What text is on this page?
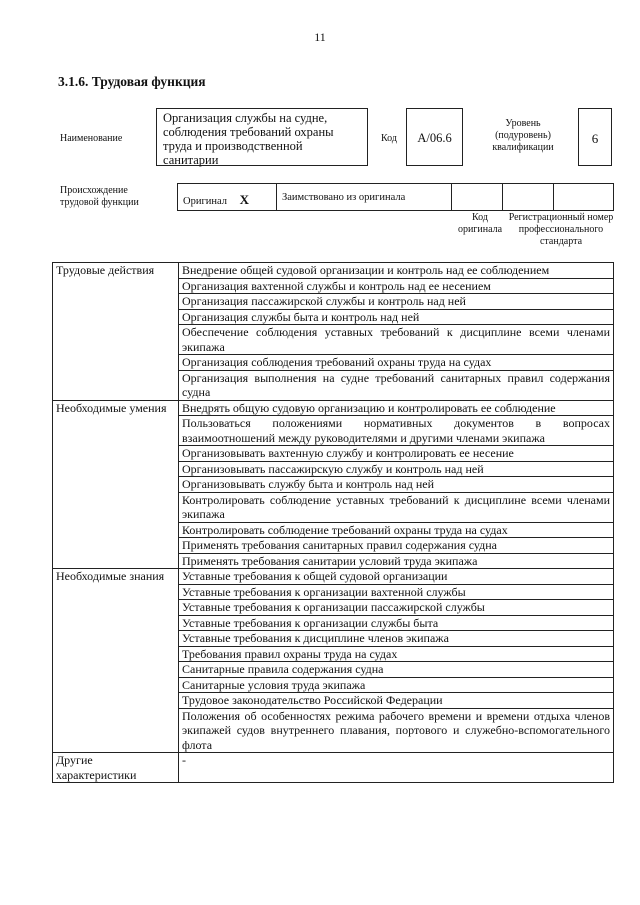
11
3.1.6. Трудовая функция
Наименование
Организация службы на судне, соблюдения требований охраны труда и производственной санитарии
Код	A/06.6
Уровень (подуровень) квалификации
6
Происхождение трудовой функции	Оригинал X	Заимствовано из оригинала
Код оригинала
Регистрационный номер профессионального стандарта
Трудовые действия	Внедрение общей судовой организации и контроль над ее соблюдением
	Организация вахтенной службы и контроль над ее несением
	Организация пассажирской службы и контроль над ней
	Организация службы быта и контроль над ней
	Обеспечение соблюдения уставных требований к дисциплине всеми членами экипажа
	Организация соблюдения требований охраны труда на судах
	Организация выполнения на судне требований санитарных правил содержания судна
Необходимые умения	Внедрять общую судовую организацию и контролировать ее соблюдение
	Пользоваться положениями нормативных документов в вопросах взаимоотношений между руководителями и другими членами экипажа
	Организовывать вахтенную службу и контролировать ее несение
	Организовывать пассажирскую службу и контроль над ней
	Организовывать службу быта и контроль над ней
	Контролировать соблюдение уставных требований к дисциплине всеми членами экипажа
	Контролировать соблюдение требований охраны труда на судах
	Применять требования санитарных правил содержания судна
	Применять требования санитарии условий труда экипажа
Необходимые знания	Уставные требования к общей судовой организации
	Уставные требования к организации вахтенной службы
	Уставные требования к организации пассажирской службы
	Уставные требования к организации службы быта
	Уставные требования к дисциплине членов экипажа
	Требования правил охраны труда на судах
	Санитарные правила содержания судна
	Санитарные условия труда экипажа
	Трудовое законодательство Российской Федерации
	Положения об особенностях режима рабочего времени и времени отдыха членов экипажей судов внутреннего плавания, портового и служебно-вспомогательного флота
Другие характеристики	-
